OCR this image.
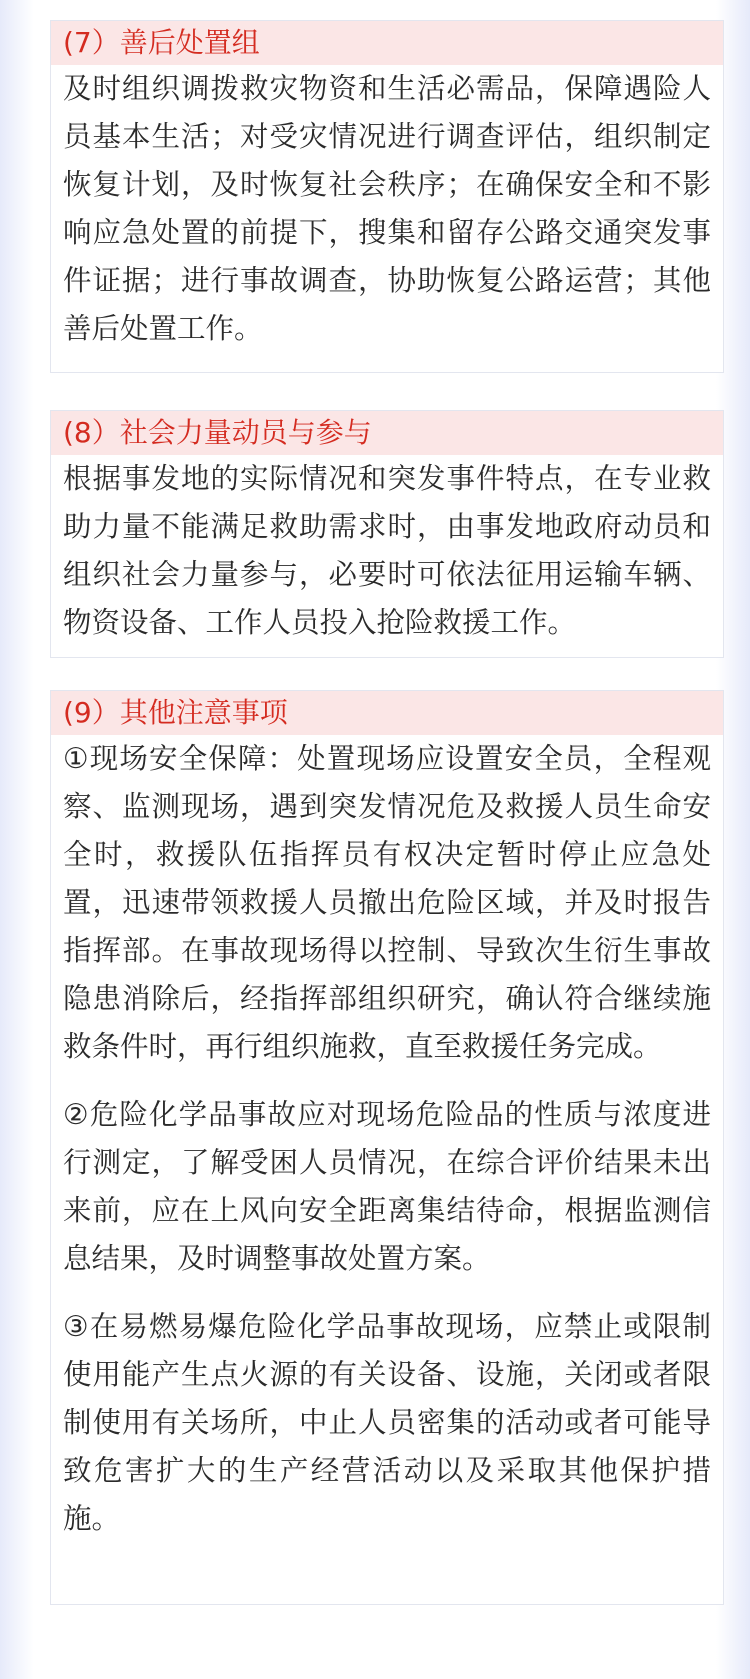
(7）善后处置组

及时组织调拨救灾物资和生活必需品，保障遇险人员基本生活；对受灾情况进行调查评估，组织制定恢复计划，及时恢复社会秩序；在确保安全和不影响应急处置的前提下，搜集和留存公路交通突发事件证据；进行事故调查，协助恢复公路运营；其他善后处置工作。

(8）社会力量动员与参与

根据事发地的实际情况和突发事件特点，在专业救助力量不能满足救助需求时，由事发地政府动员和组织社会力量参与，必要时可依法征用运输车辆、物资设备、工作人员投入抢险救援工作。

(9）其他注意事项

①现场安全保障：处置现场应设置安全员，全程观察、监测现场，遇到突发情况危及救援人员生命安全时，救援队伍指挥员有权决定暂时停止应急处置，迅速带领救援人员撤出危险区域，并及时报告指挥部。在事故现场得以控制、导致次生衍生事故隐患消除后，经指挥部组织研究，确认符合继续施救条件时，再行组织施救，直至救援任务完成。

②危险化学品事故应对现场危险品的性质与浓度进行测定，了解受困人员情况，在综合评价结果未出来前，应在上风向安全距离集结待命，根据监测信息结果，及时调整事故处置方案。

③在易燃易爆危险化学品事故现场，应禁止或限制使用能产生点火源的有关设备、设施，关闭或者限制使用有关场所，中止人员密集的活动或者可能导致危害扩大的生产经营活动以及采取其他保护措施。
